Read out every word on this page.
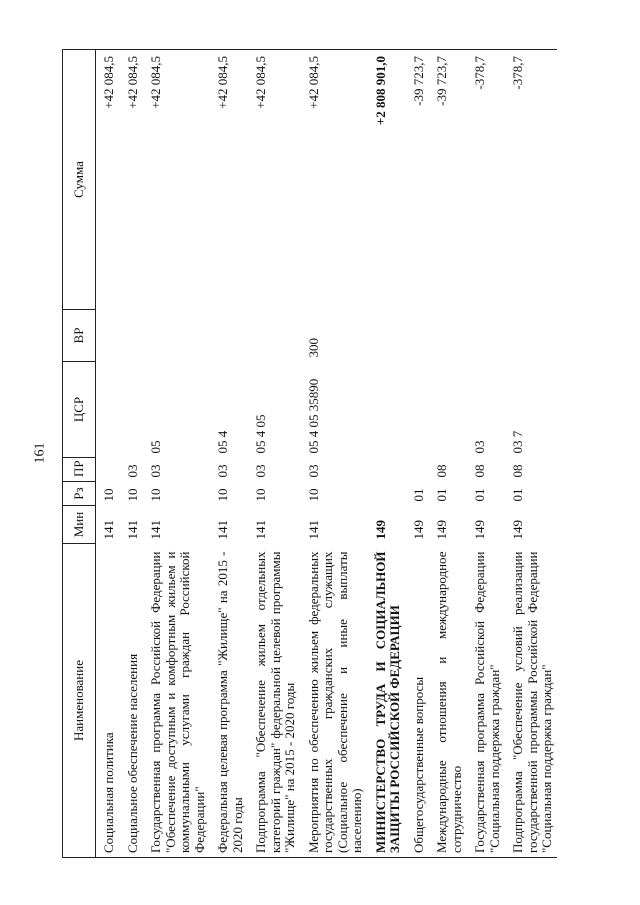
161
Наименование	Мин	Рз	ПР	ЦСР	ВР	Сумма
Социальная политика	141	10				+42 084,5
Социальное обеспечение населения	141	10	03			+42 084,5
Государственная программа Российской Федерации "Обеспечение доступным и комфортным жильем и коммунальными услугами граждан Российской Федерации"	141	10	03	05		+42 084,5
Федеральная целевая программа "Жилище" на 2015 - 2020 годы	141	10	03	05 4		+42 084,5
Подпрограмма "Обеспечение жильем отдельных категорий граждан" федеральной целевой программы "Жилище" на 2015 - 2020 годы	141	10	03	05 4 05		+42 084,5
Мероприятия по обеспечению жильем федеральных государственных гражданских служащих (Социальное обеспечение и иные выплаты населению)	141	10	03	05 4 05 35890	300	+42 084,5
МИНИСТЕРСТВО ТРУДА И СОЦИАЛЬНОЙ ЗАЩИТЫ РОССИЙСКОЙ ФЕДЕРАЦИИ	149					+2 808 901,0
Общегосударственные вопросы	149	01				-39 723,7
Международные отношения и международное сотрудничество	149	01	08			-39 723,7
Государственная программа Российской Федерации "Социальная поддержка граждан"	149	01	08	03		-378,7
Подпрограмма "Обеспечение условий реализации государственной программы Российской Федерации "Социальная поддержка граждан"	149	01	08	03 7		-378,7
